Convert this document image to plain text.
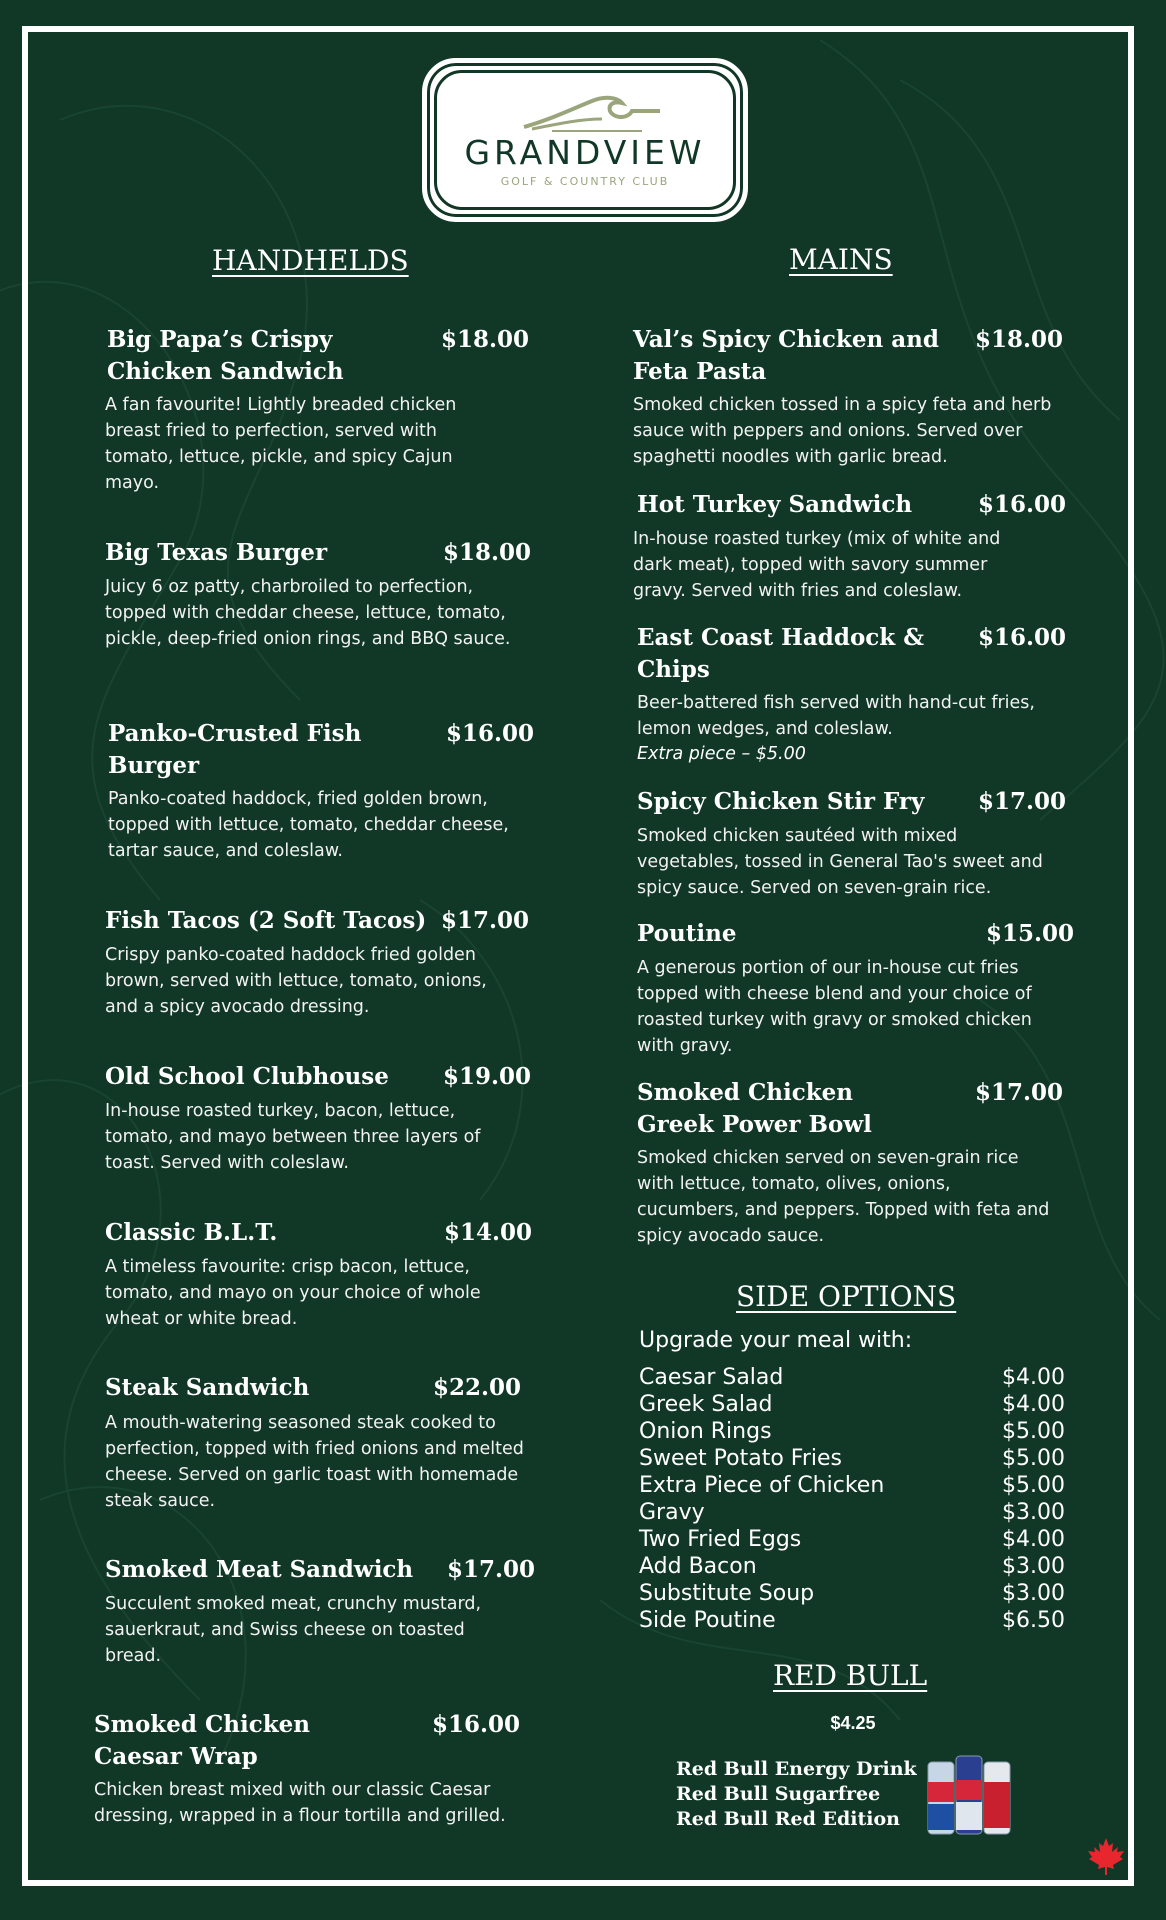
GRANDVIEW
GOLF & COUNTRY CLUB
HANDHELDS	MAINS
SIDE OPTIONS
RED BULL
Big Papa’s Crispy Chicken Sandwich
$18.00
A fan favourite! Lightly breaded chicken breast fried to perfection, served with tomato, lettuce, pickle, and spicy Cajun mayo.
Big Texas Burger	$18.00
Juicy 6 oz patty, charbroiled to perfection, topped with cheddar cheese, lettuce, tomato, pickle, deep-fried onion rings, and BBQ sauce.
Panko-Crusted Fish Burger
$16.00
Panko-coated haddock, fried golden brown, topped with lettuce, tomato, cheddar cheese, tartar sauce, and coleslaw.
Fish Tacos (2 Soft Tacos) $17.00
Crispy panko-coated haddock fried golden brown, served with lettuce, tomato, onions, and a spicy avocado dressing.
Old School Clubhouse	$19.00
In-house roasted turkey, bacon, lettuce, tomato, and mayo between three layers of toast. Served with coleslaw.
Classic B.L.T.	$14.00
A timeless favourite: crisp bacon, lettuce, tomato, and mayo on your choice of whole wheat or white bread.
Steak Sandwich	$22.00
A mouth-watering seasoned steak cooked to perfection, topped with fried onions and melted cheese. Served on garlic toast with homemade steak sauce.
Smoked Meat Sandwich	$17.00
Succulent smoked meat, crunchy mustard, sauerkraut, and Swiss cheese on toasted bread.
Smoked Chicken Caesar Wrap
$16.00
Chicken breast mixed with our classic Caesar dressing, wrapped in a flour tortilla and grilled.
Val’s Spicy Chicken and Feta Pasta
$18.00
Smoked chicken tossed in a spicy feta and herb sauce with peppers and onions. Served over spaghetti noodles with garlic bread.
Hot Turkey Sandwich	$16.00
In-house roasted turkey (mix of white and dark meat), topped with savory summer gravy. Served with fries and coleslaw.
East Coast Haddock & Chips
$16.00
Beer-battered fish served with hand-cut fries, lemon wedges, and coleslaw.
Extra piece – $5.00
Spicy Chicken Stir Fry	$17.00
Smoked chicken sautéed with mixed vegetables, tossed in General Tao's sweet and spicy sauce. Served on seven-grain rice.
Poutine	$15.00
A generous portion of our in-house cut fries topped with cheese blend and your choice of roasted turkey with gravy or smoked chicken with gravy.
Smoked Chicken Greek Power Bowl
$17.00
Smoked chicken served on seven-grain rice with lettuce, tomato, olives, onions, cucumbers, and peppers. Topped with feta and spicy avocado sauce.
Upgrade your meal with:
Caesar Salad	$4.00
Greek Salad	$4.00
Onion Rings	$5.00
Sweet Potato Fries	$5.00
Extra Piece of Chicken	$5.00
Gravy	$3.00
Two Fried Eggs	$4.00
Add Bacon	$3.00
Substitute Soup	$3.00
Side Poutine	$6.50
$4.25
Red Bull Energy Drink
Red Bull Sugarfree
Red Bull Red Edition
